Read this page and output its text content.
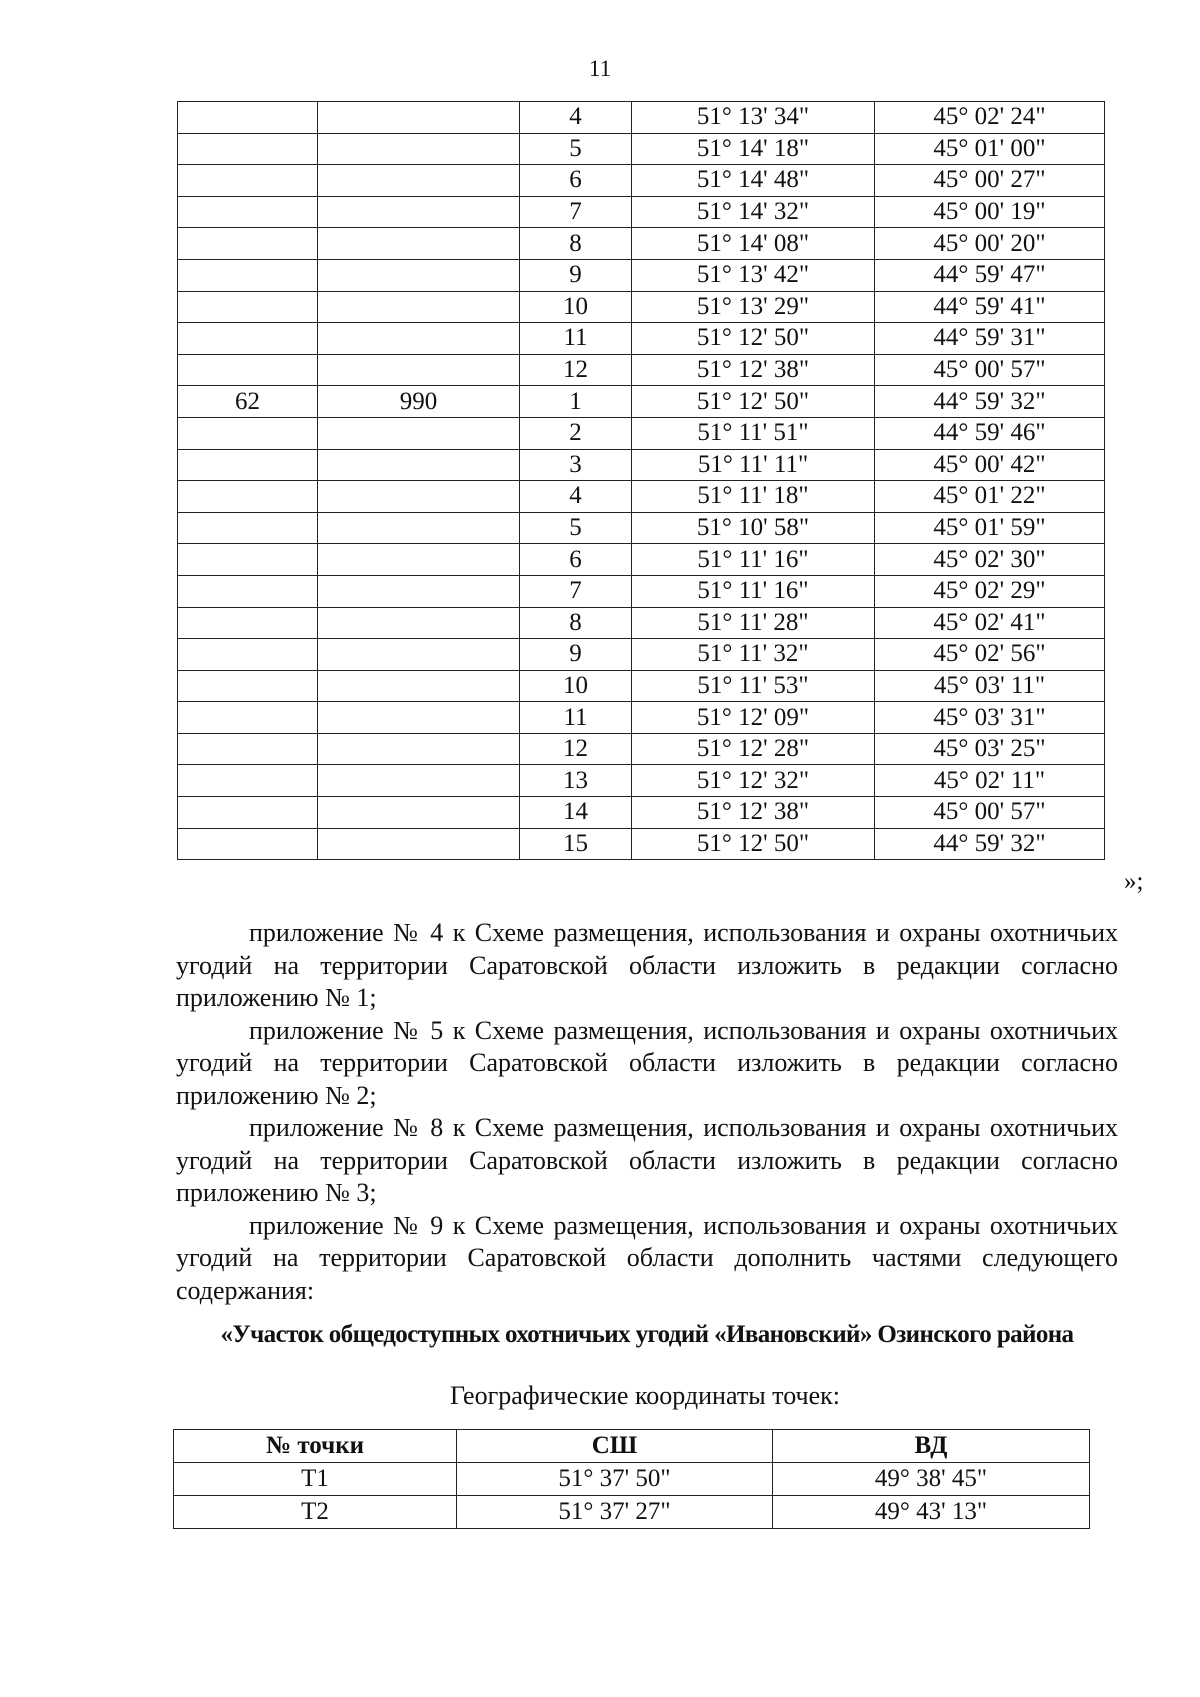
11
		4	51° 13' 34"	45° 02' 24"
		5	51° 14' 18"	45° 01' 00"
		6	51° 14' 48"	45° 00' 27"
		7	51° 14' 32"	45° 00' 19"
		8	51° 14' 08"	45° 00' 20"
		9	51° 13' 42"	44° 59' 47"
		10	51° 13' 29"	44° 59' 41"
		11	51° 12' 50"	44° 59' 31"
		12	51° 12' 38"	45° 00' 57"
62	990	1	51° 12' 50"	44° 59' 32"
		2	51° 11' 51"	44° 59' 46"
		3	51° 11' 11"	45° 00' 42"
		4	51° 11' 18"	45° 01' 22"
		5	51° 10' 58"	45° 01' 59"
		6	51° 11' 16"	45° 02' 30"
		7	51° 11' 16"	45° 02' 29"
		8	51° 11' 28"	45° 02' 41"
		9	51° 11' 32"	45° 02' 56"
		10	51° 11' 53"	45° 03' 11"
		11	51° 12' 09"	45° 03' 31"
		12	51° 12' 28"	45° 03' 25"
		13	51° 12' 32"	45° 02' 11"
		14	51° 12' 38"	45° 00' 57"
		15	51° 12' 50"	44° 59' 32"
»;

приложение № 4 к Схеме размещения, использования и охраны охотничьих угодий на территории Саратовской области изложить в редакции согласно приложению № 1;

приложение № 5 к Схеме размещения, использования и охраны охотничьих угодий на территории Саратовской области изложить в редакции согласно приложению № 2;

приложение № 8 к Схеме размещения, использования и охраны охотничьих угодий на территории Саратовской области изложить в редакции согласно приложению № 3;

приложение № 9 к Схеме размещения, использования и охраны охотничьих угодий на территории Саратовской области дополнить частями следующего содержания:

«Участок общедоступных охотничьих угодий «Ивановский» Озинского района
Географические координаты точек:
№ точки	СШ	ВД
Т1	51° 37' 50"	49° 38' 45"
Т2	51° 37' 27"	49° 43' 13"
